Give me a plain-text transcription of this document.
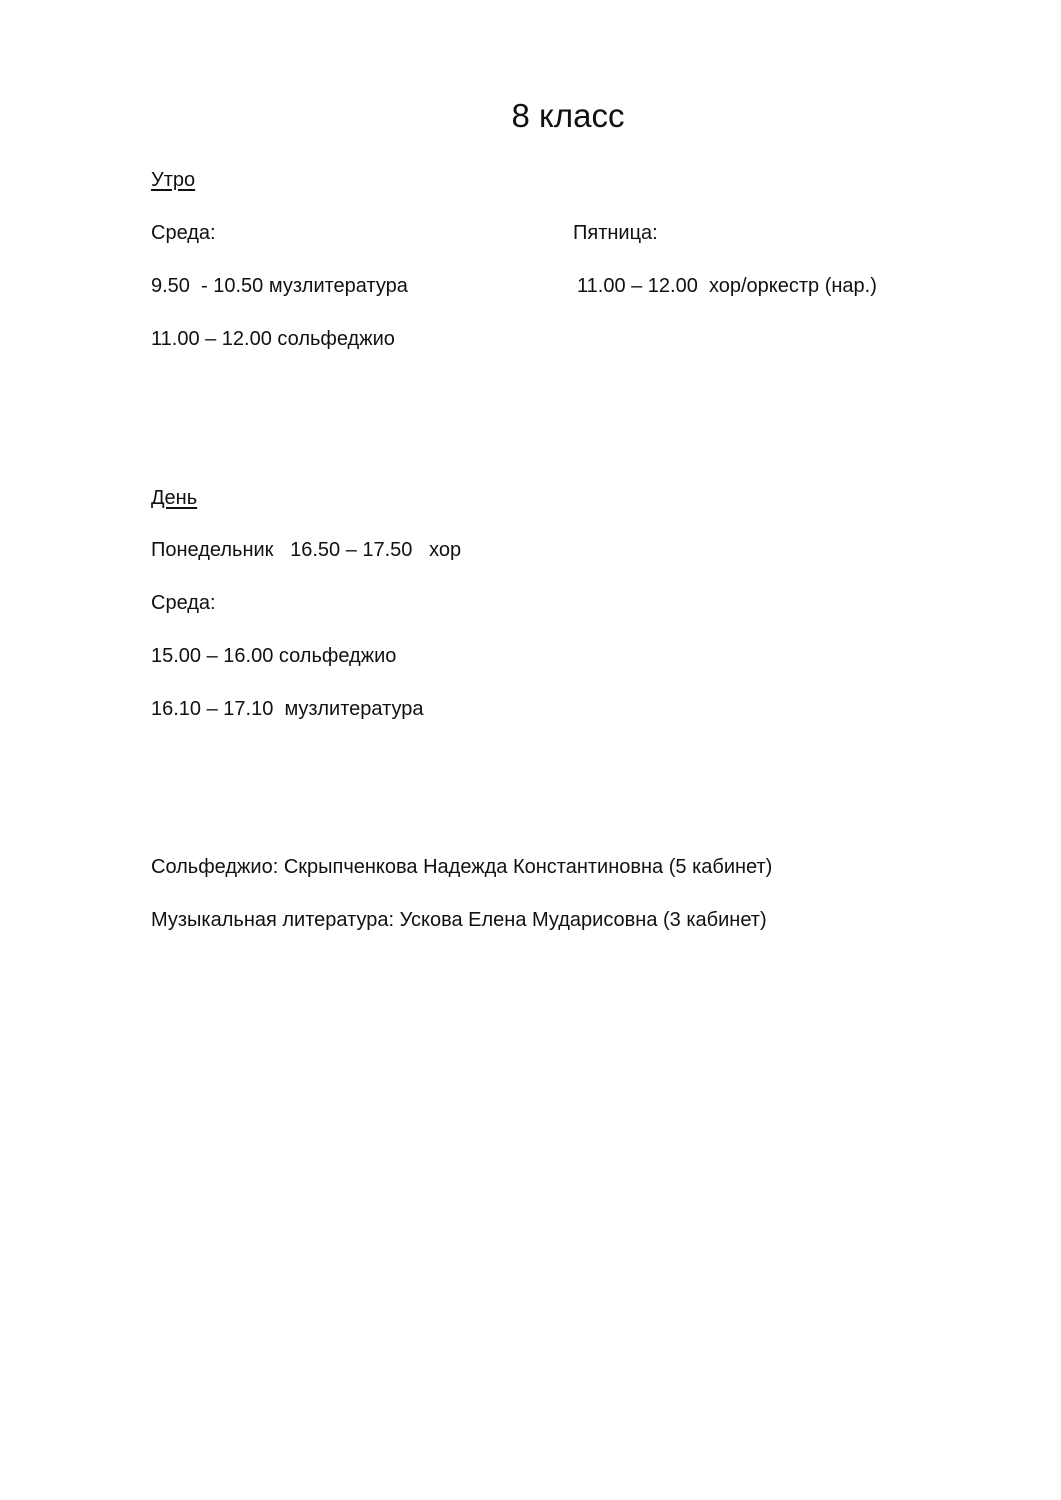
8 класс

Утро

Среда:	Пятница:

9.50  - 10.50 музлитература	11.00 – 12.00  хор/оркестр (нар.)

11.00 – 12.00 сольфеджио

День

Понедельник   16.50 – 17.50   хор

Среда:

15.00 – 16.00 сольфеджио

16.10 – 17.10  музлитература

Сольфеджио: Скрыпченкова Надежда Константиновна (5 кабинет)

Музыкальная литература: Ускова Елена Мударисовна (3 кабинет)
